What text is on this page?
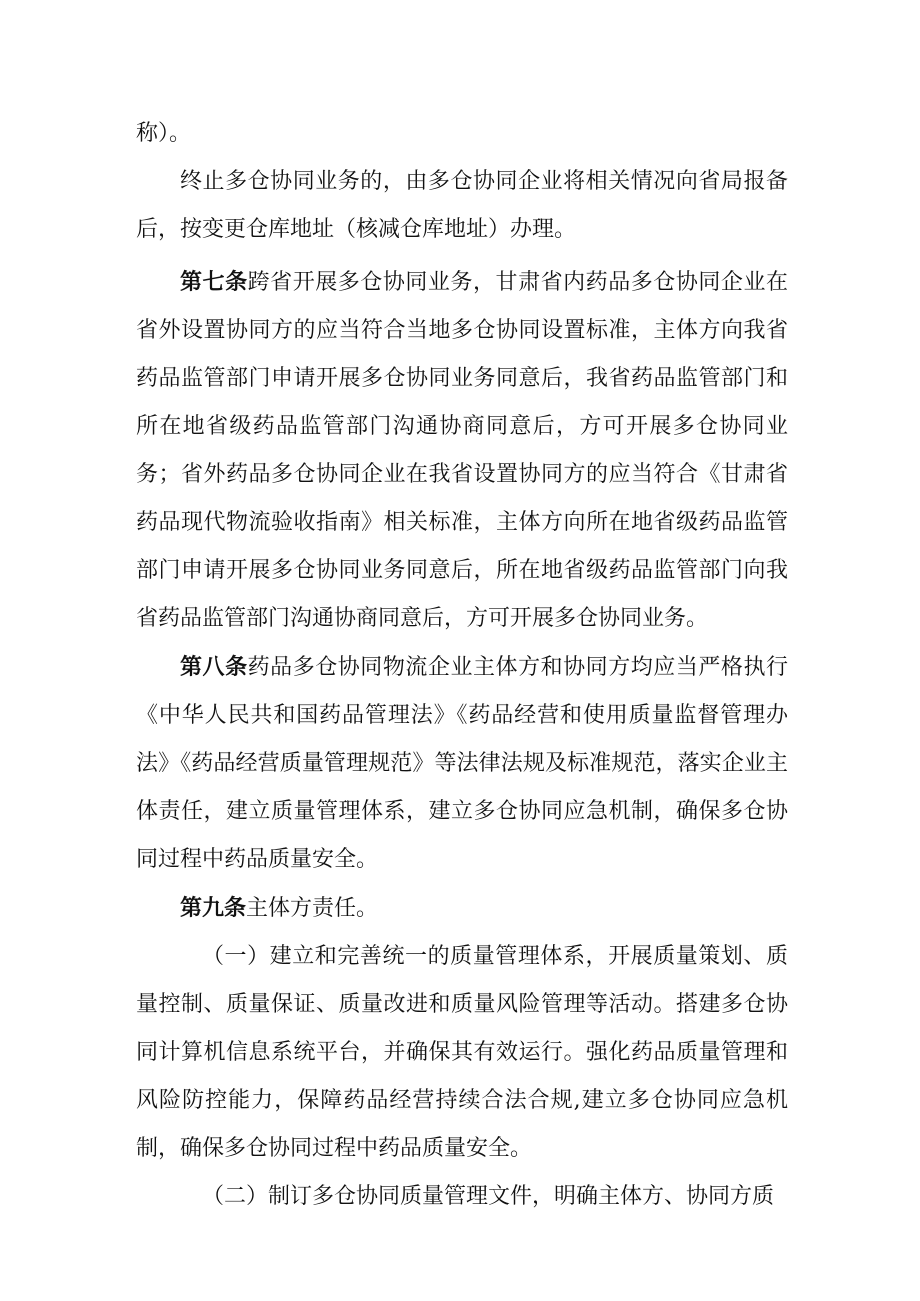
称）。

终止多仓协同业务的，由多仓协同企业将相关情况向省局报备后，按变更仓库地址（核减仓库地址）办理。

第七条跨省开展多仓协同业务，甘肃省内药品多仓协同企业在省外设置协同方的应当符合当地多仓协同设置标准，主体方向我省药品监管部门申请开展多仓协同业务同意后，我省药品监管部门和所在地省级药品监管部门沟通协商同意后，方可开展多仓协同业务；省外药品多仓协同企业在我省设置协同方的应当符合《甘肃省药品现代物流验收指南》相关标准，主体方向所在地省级药品监管部门申请开展多仓协同业务同意后，所在地省级药品监管部门向我省药品监管部门沟通协商同意后，方可开展多仓协同业务。

第八条药品多仓协同物流企业主体方和协同方均应当严格执行《中华人民共和国药品管理法》《药品经营和使用质量监督管理办法》《药品经营质量管理规范》等法律法规及标准规范，落实企业主体责任，建立质量管理体系，建立多仓协同应急机制，确保多仓协同过程中药品质量安全。

第九条主体方责任。

（一）建立和完善统一的质量管理体系，开展质量策划、质量控制、质量保证、质量改进和质量风险管理等活动。搭建多仓协同计算机信息系统平台，并确保其有效运行。强化药品质量管理和风险防控能力，保障药品经营持续合法合规,建立多仓协同应急机制，确保多仓协同过程中药品质量安全。

（二）制订多仓协同质量管理文件，明确主体方、协同方质
